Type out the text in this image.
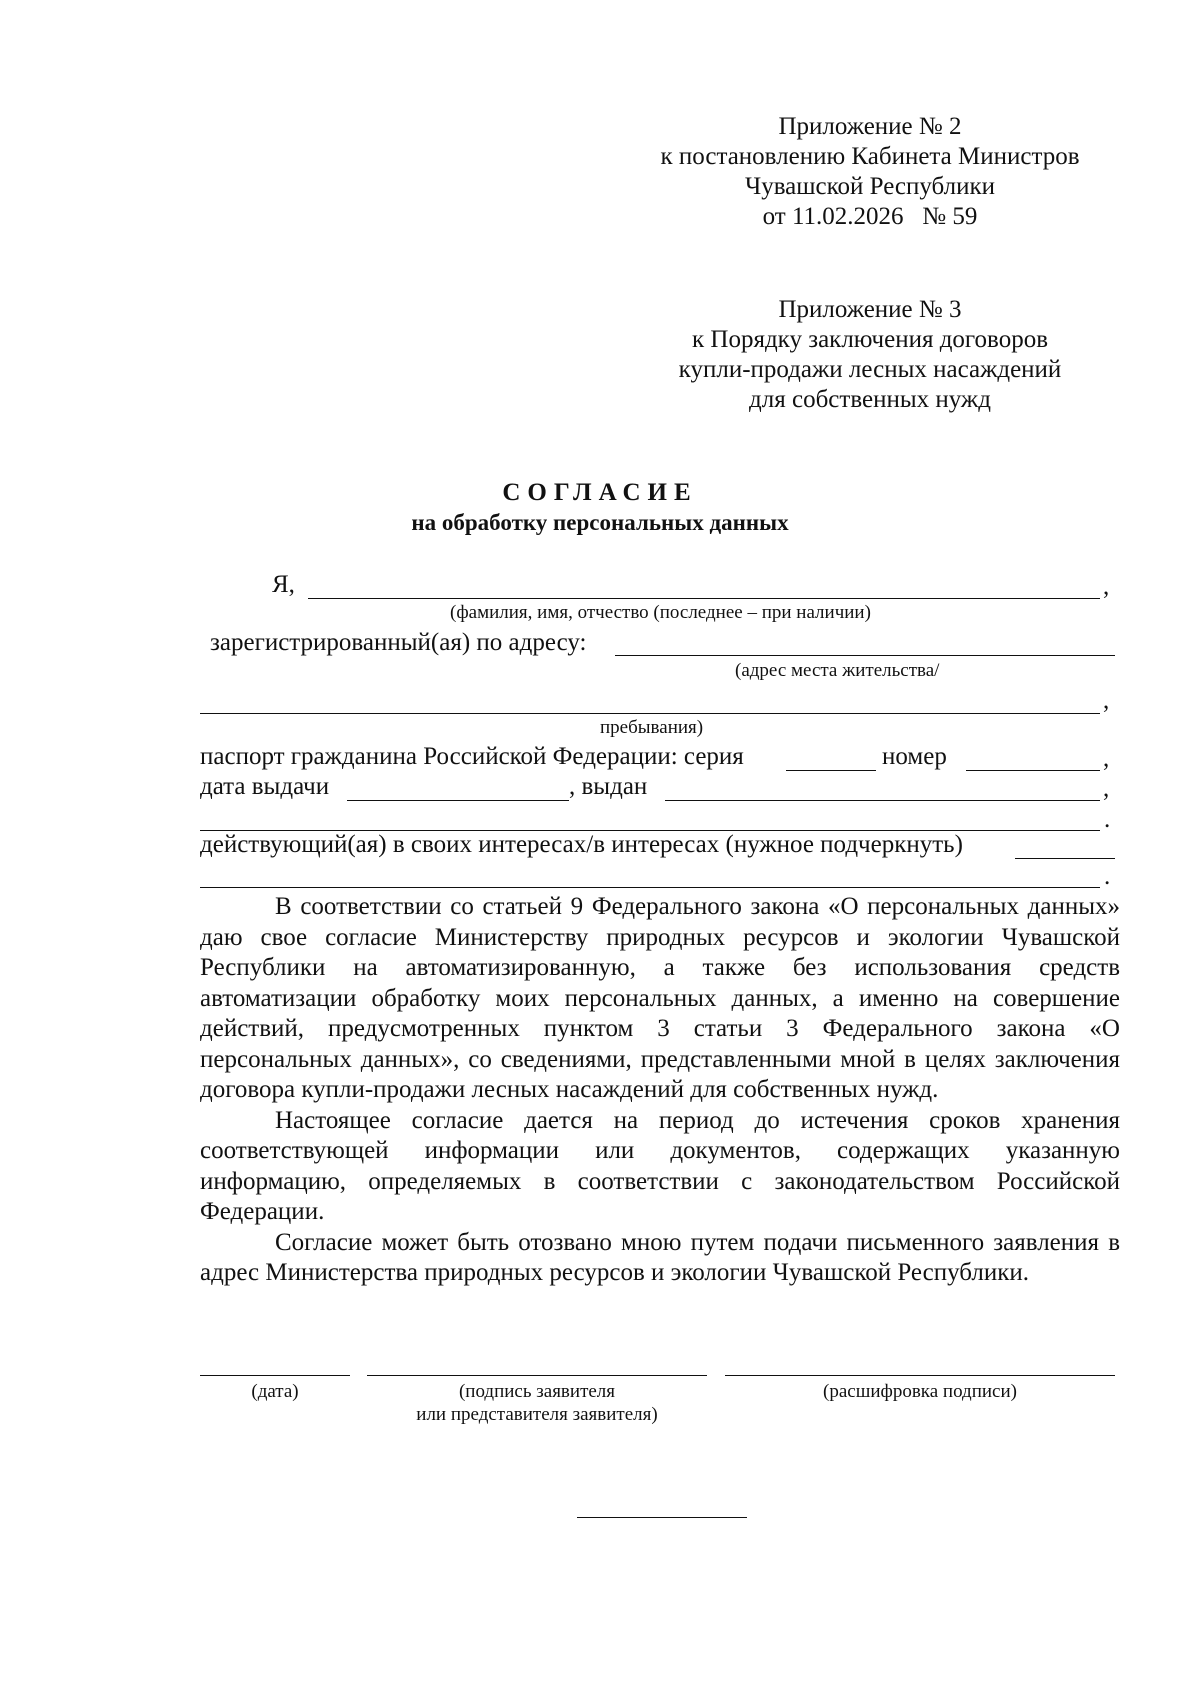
Приложение № 2
к постановлению Кабинета Министров
Чувашской Республики
от 11.02.2026   № 59
Приложение № 3
к Порядку заключения договоров
купли-продажи лесных насаждений
для собственных нужд
СОГЛАСИЕ
на обработку персональных данных
Я,	,
(фамилия, имя, отчество (последнее – при наличии)
зарегистрированный(ая) по адресу:
(адрес места жительства/
,
пребывания)
паспорт гражданина Российской Федерации: серия	номер	,
дата выдачи	, выдан	,
.
действующий(ая) в своих интересах/в интересах (нужное подчеркнуть)
.

В соответствии со статьей 9 Федерального закона «О персональных данных» даю свое согласие Министерству природных ресурсов и экологии Чувашской Республики на автоматизированную, а также без использования средств автоматизации обработку моих персональных данных, а именно на совершение действий, предусмотренных пунктом 3 статьи 3 Федерального закона «О персональных данных», со сведениями, представленными мной в целях заключения договора купли-продажи лесных насаждений для собственных нужд.

Настоящее согласие дается на период до истечения сроков хранения соответствующей информации или документов, содержащих указанную информацию, определяемых в соответствии с законодательством Российской Федерации.

Согласие может быть отозвано мною путем подачи письменного заявления в адрес Министерства природных ресурсов и экологии Чувашской Республики.

(дата)	(подпись заявителя
или представителя заявителя)
(расшифровка подписи)
